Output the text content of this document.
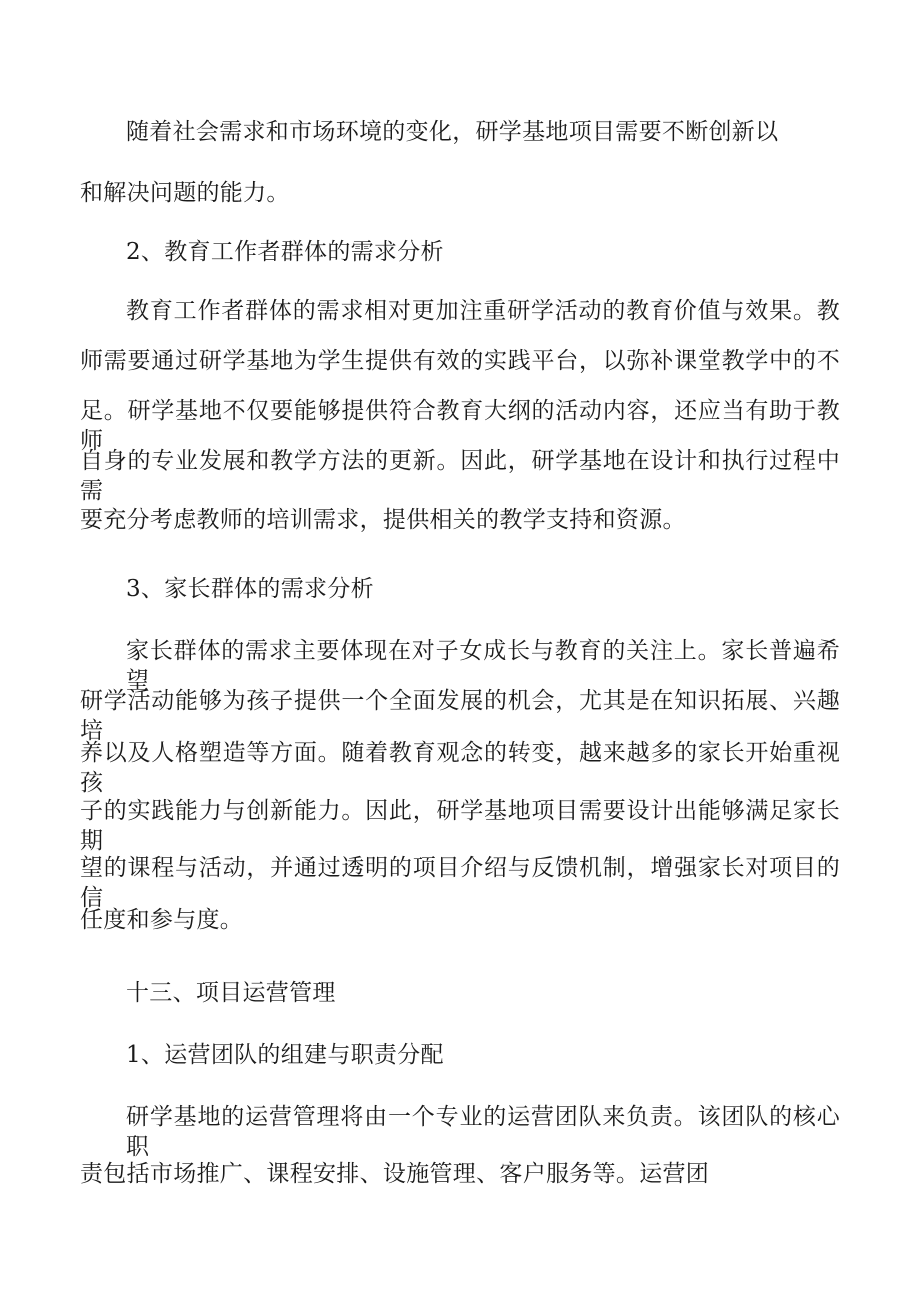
随着社会需求和市场环境的变化，研学基地项目需要不断创新以
和解决问题的能力。
2、教育工作者群体的需求分析
教育工作者群体的需求相对更加注重研学活动的教育价值与效果。教
师需要通过研学基地为学生提供有效的实践平台，以弥补课堂教学中的不
足。研学基地不仅要能够提供符合教育大纲的活动内容，还应当有助于教师
自身的专业发展和教学方法的更新。因此，研学基地在设计和执行过程中需
要充分考虑教师的培训需求，提供相关的教学支持和资源。
3、家长群体的需求分析
家长群体的需求主要体现在对子女成长与教育的关注上。家长普遍希望
研学活动能够为孩子提供一个全面发展的机会，尤其是在知识拓展、兴趣培
养以及人格塑造等方面。随着教育观念的转变，越来越多的家长开始重视孩
子的实践能力与创新能力。因此，研学基地项目需要设计出能够满足家长期
望的课程与活动，并通过透明的项目介绍与反馈机制，增强家长对项目的信
任度和参与度。
十三、项目运营管理
1、运营团队的组建与职责分配
研学基地的运营管理将由一个专业的运营团队来负责。该团队的核心职
责包括市场推广、课程安排、设施管理、客户服务等。运营团
